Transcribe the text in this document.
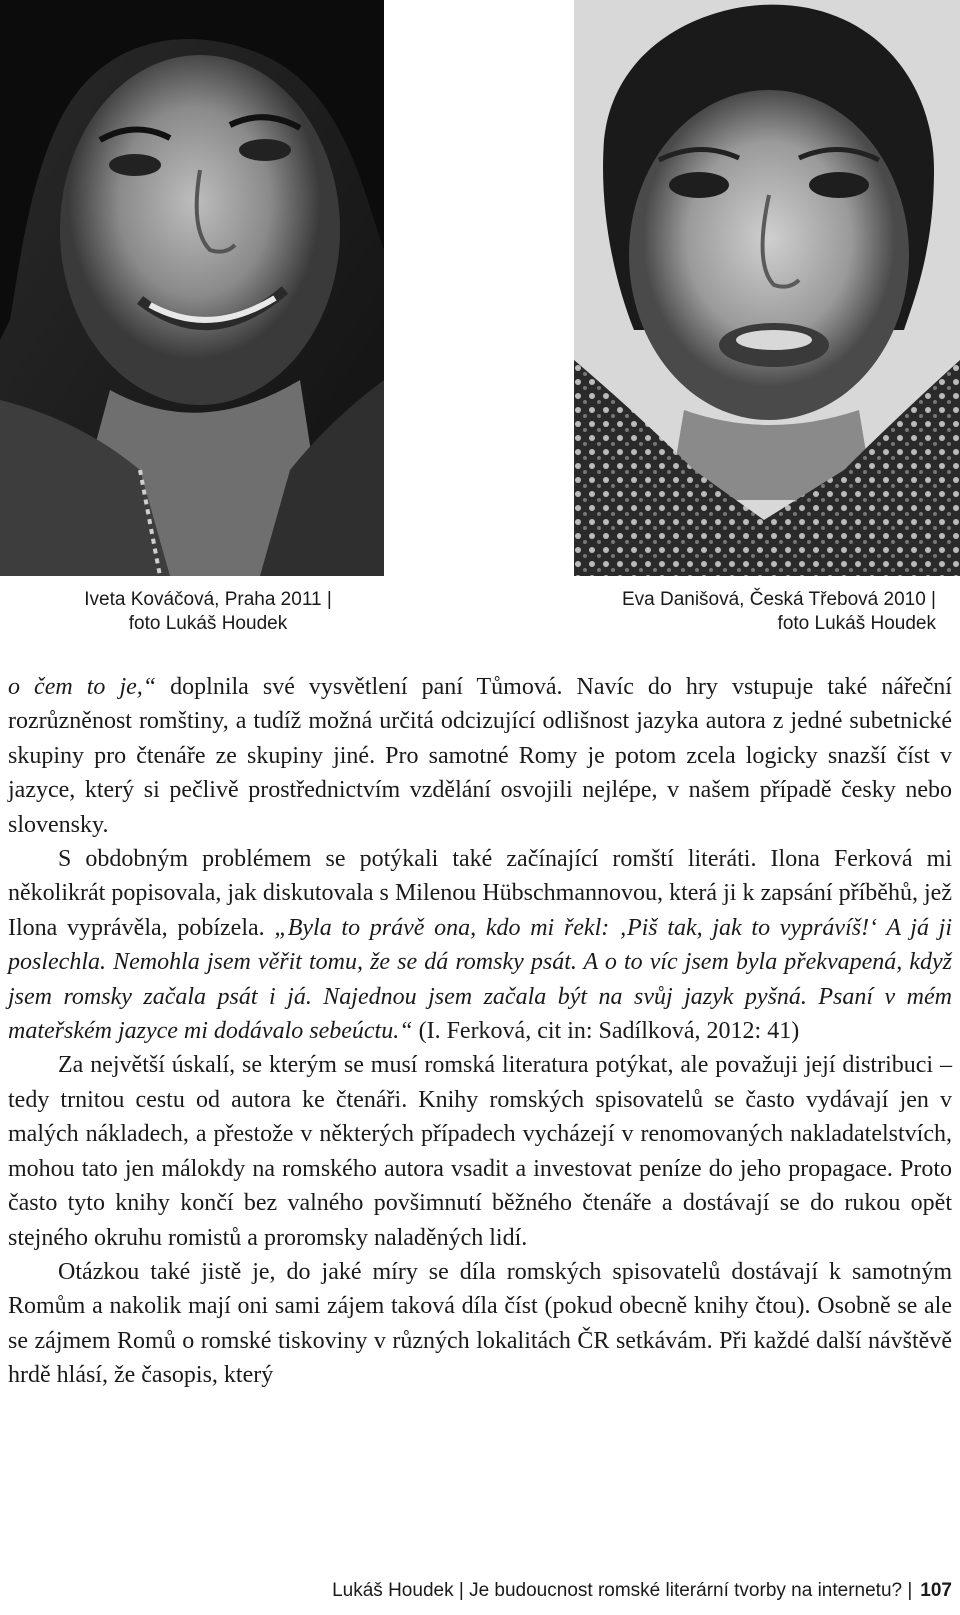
Iveta Kováčová, Praha 2011 |
foto Lukáš Houdek
Eva Danišová, Česká Třebová 2010 |
foto Lukáš Houdek

o čem to je,“ doplnila své vysvětlení paní Tůmová. Navíc do hry vstupuje také nářeční rozrůzněnost romštiny, a tudíž možná určitá odcizující odlišnost jazyka autora z jedné subetnické skupiny pro čtenáře ze skupiny jiné. Pro samotné Romy je potom zcela logicky snazší číst v jazyce, který si pečlivě prostřednictvím vzdělání osvojili nejlépe, v našem případě česky nebo slovensky.

S obdobným problémem se potýkali také začínající romští literáti. Ilona Ferková mi několikrát popisovala, jak diskutovala s Milenou Hübschmannovou, která ji k zapsání příběhů, jež Ilona vyprávěla, pobízela. „Byla to právě ona, kdo mi řekl: ‚Piš tak, jak to vyprávíš!‘ A já ji poslechla. Nemohla jsem věřit tomu, že se dá romsky psát. A o to víc jsem byla překvapená, když jsem romsky začala psát i já. Najednou jsem začala být na svůj jazyk pyšná. Psaní v mém mateřském jazyce mi dodávalo sebeúctu.“ (I. Ferková, cit in: Sadílková, 2012: 41)

Za největší úskalí, se kterým se musí romská literatura potýkat, ale považuji její distribuci – tedy trnitou cestu od autora ke čtenáři. Knihy romských spisovatelů se často vydávají jen v malých nákladech, a přestože v některých případech vycházejí v renomovaných nakladatelstvích, mohou tato jen málokdy na romského autora vsadit a investovat peníze do jeho propagace. Proto často tyto knihy končí bez valného povšimnutí běžného čtenáře a dostávají se do rukou opět stejného okruhu romistů a proromsky naladěných lidí.

Otázkou také jistě je, do jaké míry se díla romských spisovatelů dostávají k samotným Romům a nakolik mají oni sami zájem taková díla číst (pokud obecně knihy čtou). Osobně se ale se zájmem Romů o romské tiskoviny v různých lokalitách ČR setkávám. Při každé další návštěvě hrdě hlásí, že časopis, který

Lukáš Houdek | Je budoucnost romské literární tvorby na internetu? | 107
